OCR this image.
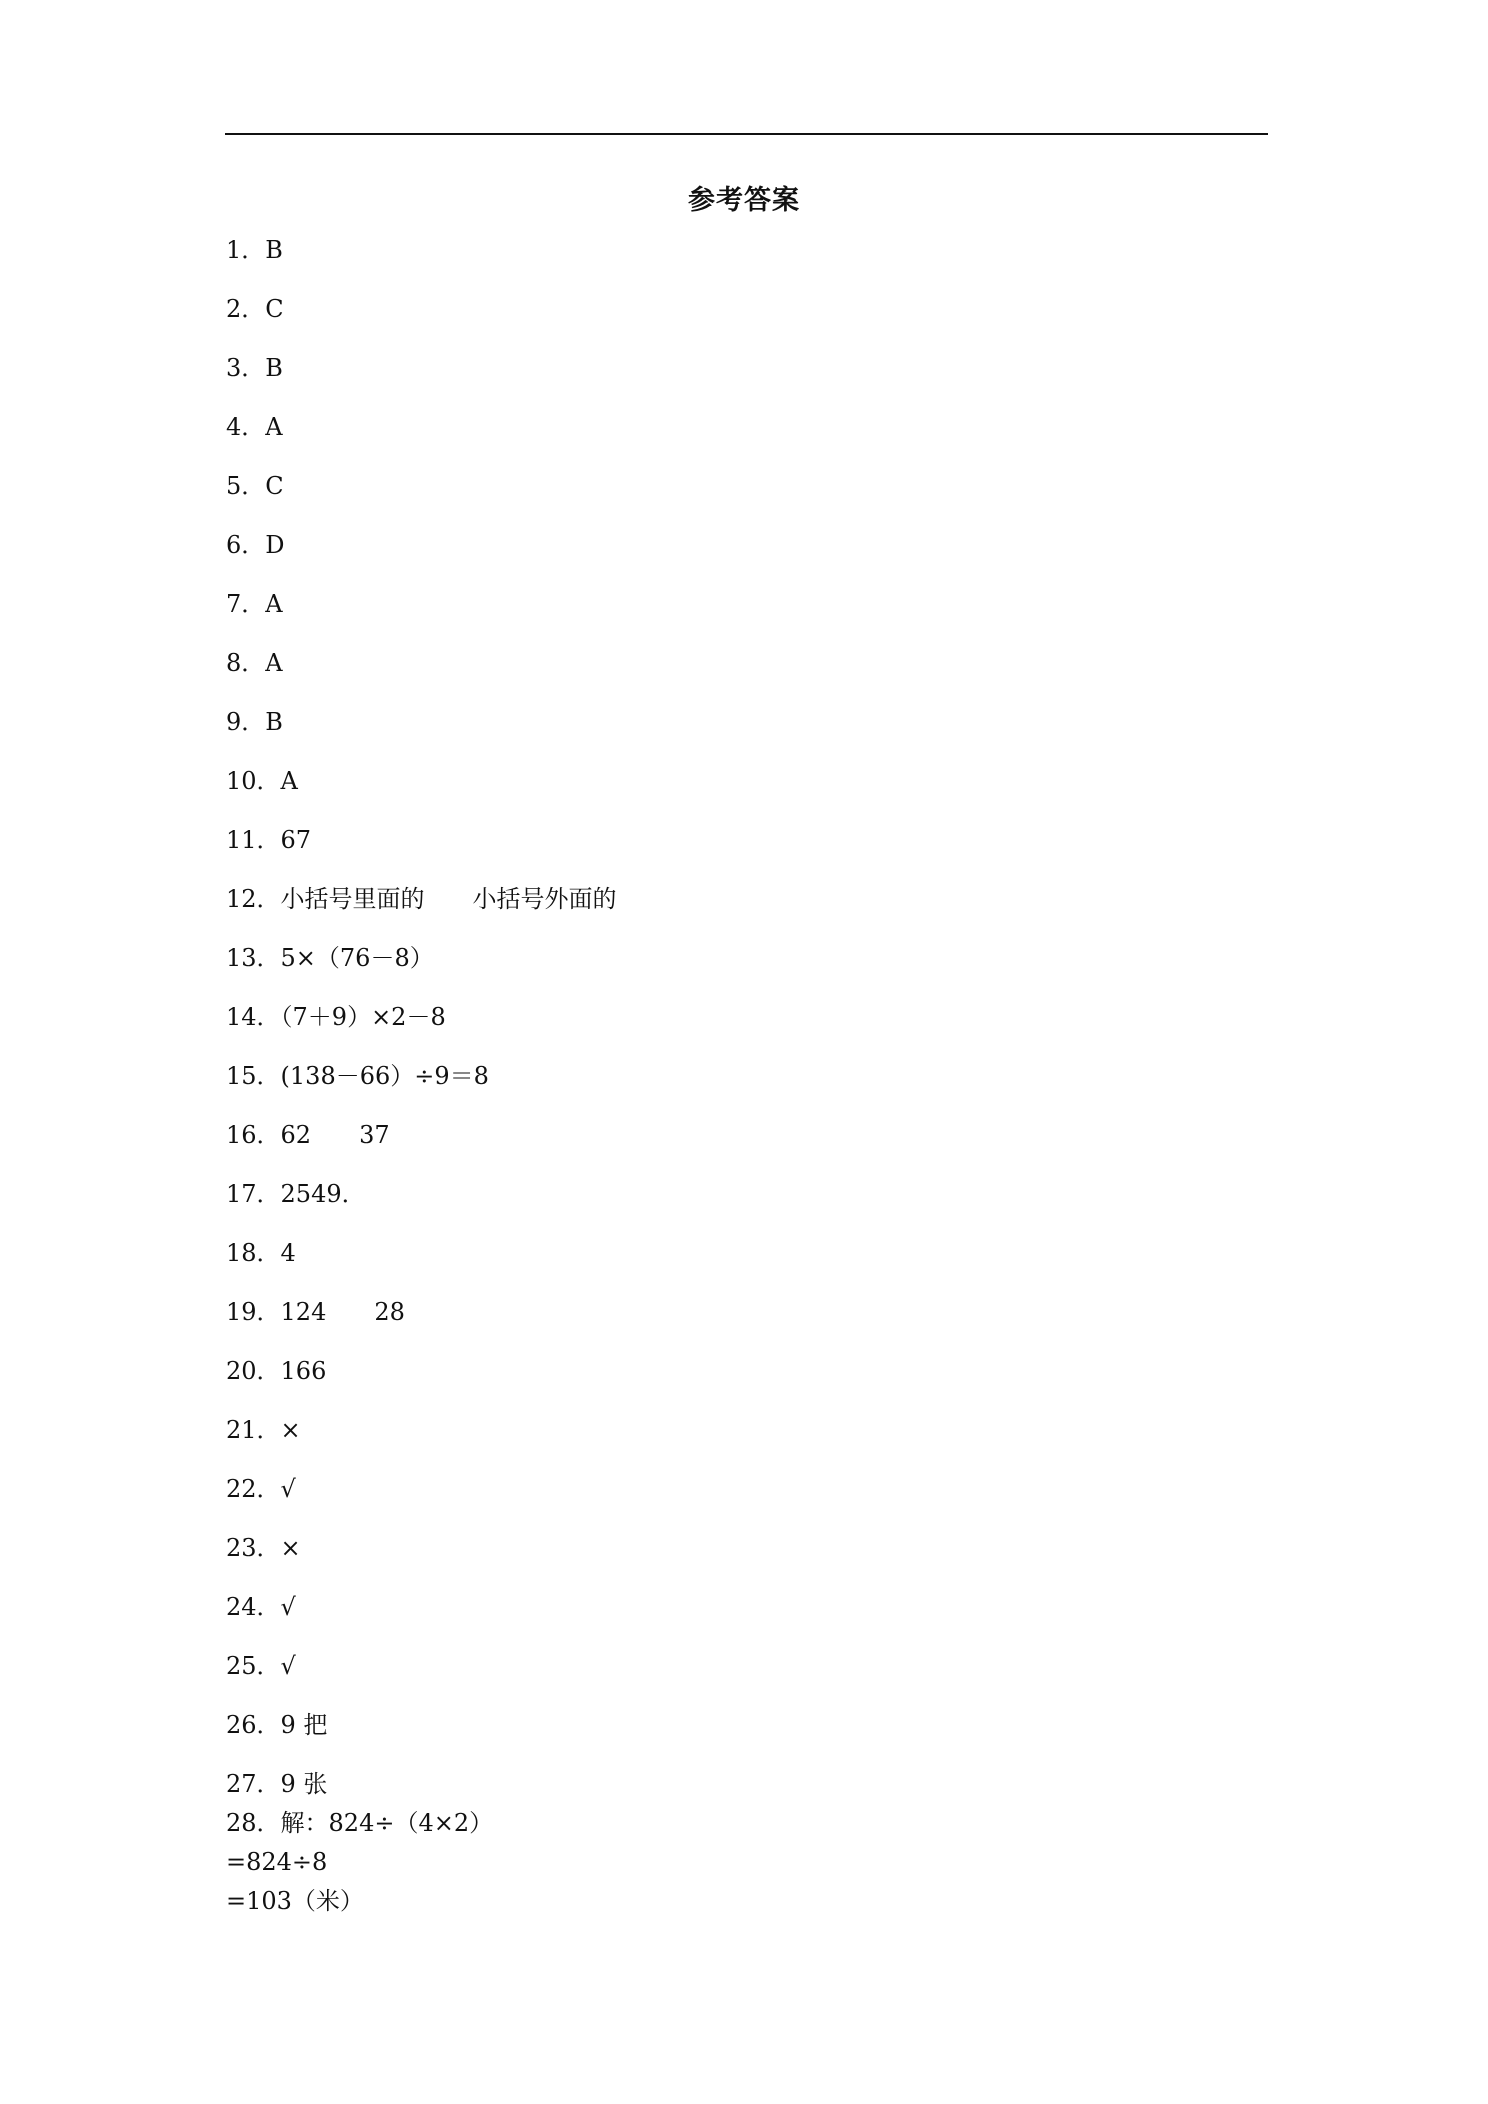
参考答案
1．B
2．C
3．B
4．A
5．C
6．D
7．A
8．A
9．B
10．A
11．67
12．小括号里面的　　小括号外面的
13．5×（76－8）
14．（7＋9）×2－8
15．(138－66）÷9＝8
16．62　　37
17．2549．
18．4
19．124　　28
20．166
21．×
22．√
23．×
24．√
25．√
26．9 把
27．9 张
28．解：824÷（4×2）
=824÷8
=103（米）
